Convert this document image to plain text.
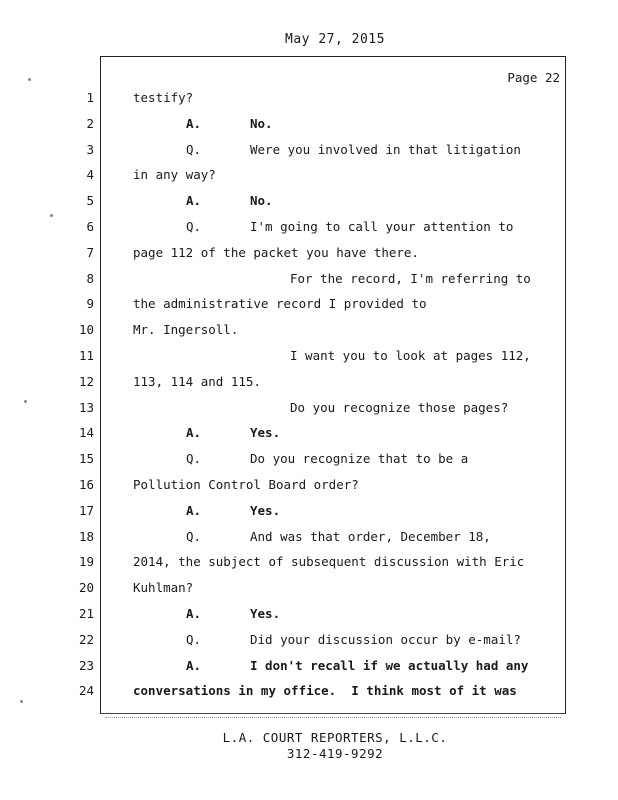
May 27, 2015
Page 22
1	testify?
2	A.	No.
3	Q.	Were you involved in that litigation
4	in any way?
5	A.	No.
6	Q.	I'm going to call your attention to
7	page 112 of the packet you have there.
8	For the record, I'm referring to
9	the administrative record I provided to
10	Mr. Ingersoll.
11	I want you to look at pages 112,
12	113, 114 and 115.
13	Do you recognize those pages?
14	A.	Yes.
15	Q.	Do you recognize that to be a
16	Pollution Control Board order?
17	A.	Yes.
18	Q.	And was that order, December 18,
19	2014, the subject of subsequent discussion with Eric
20	Kuhlman?
21	A.	Yes.
22	Q.	Did your discussion occur by e-mail?
23	A.	I don't recall if we actually had any
24	conversations in my office.  I think most of it was
L.A. COURT REPORTERS, L.L.C.
312-419-9292
